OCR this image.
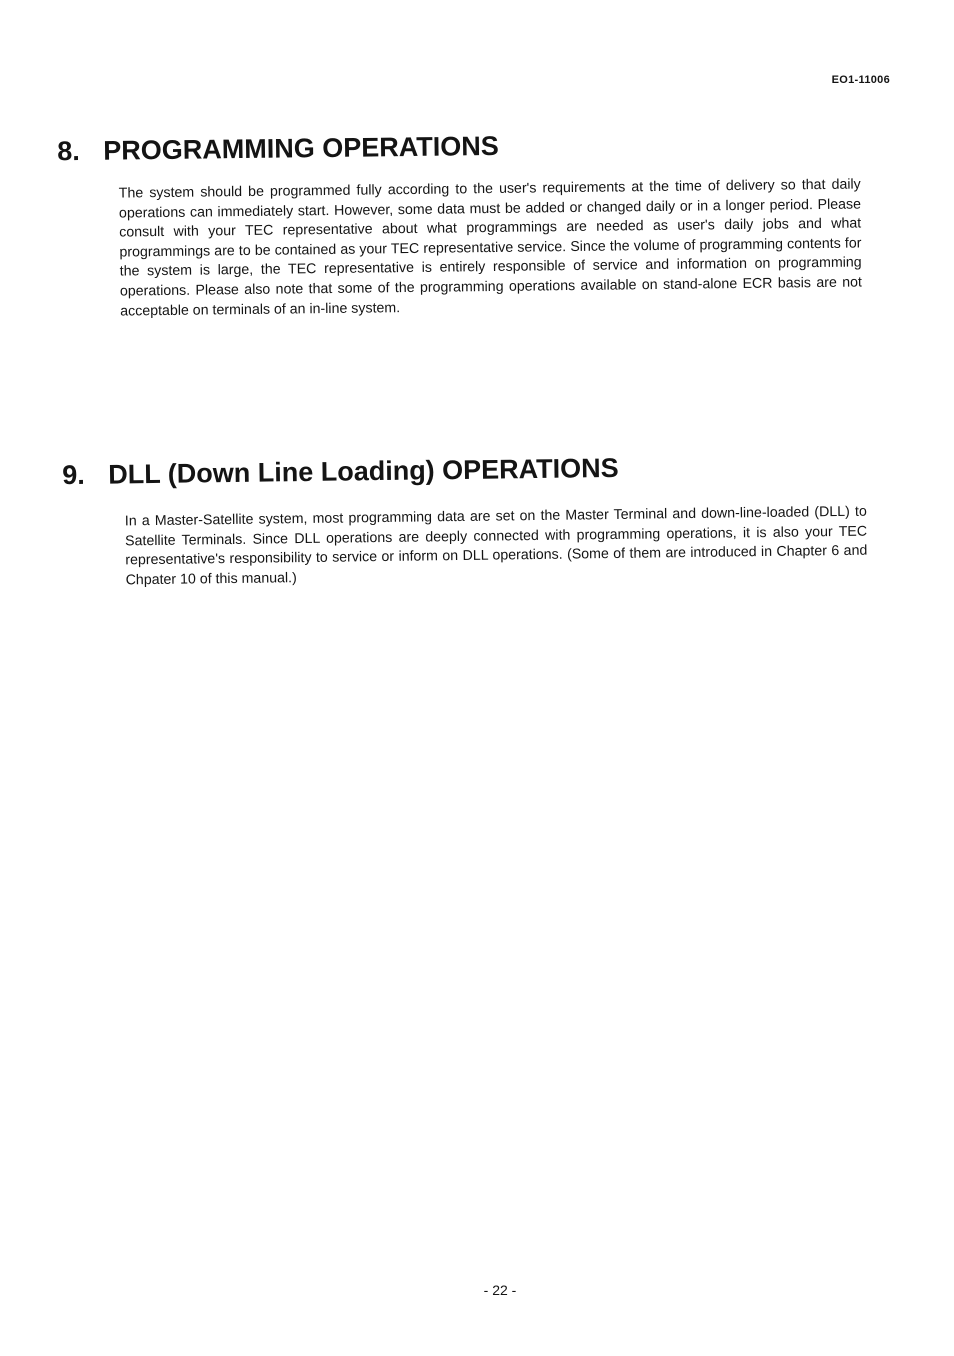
EO1-11006
8. PROGRAMMING OPERATIONS
The system should be programmed fully according to the user's requirements at the time of delivery so that daily operations can immediately start. However, some data must be added or changed daily or in a longer period. Please consult with your TEC representative about what programmings are needed as user's daily jobs and what programmings are to be contained as your TEC representative service. Since the volume of programming contents for the system is large, the TEC representative is entirely responsible of service and information on programming operations. Please also note that some of the programming operations available on stand-alone ECR basis are not acceptable on terminals of an in-line system.
9. DLL (Down Line Loading) OPERATIONS
In a Master-Satellite system, most programming data are set on the Master Terminal and down-line-loaded (DLL) to Satellite Terminals. Since DLL operations are deeply connected with programming operations, it is also your TEC representative's responsibility to service or inform on DLL operations. (Some of them are introduced in Chapter 6 and Chpater 10 of this manual.)
- 22 -
